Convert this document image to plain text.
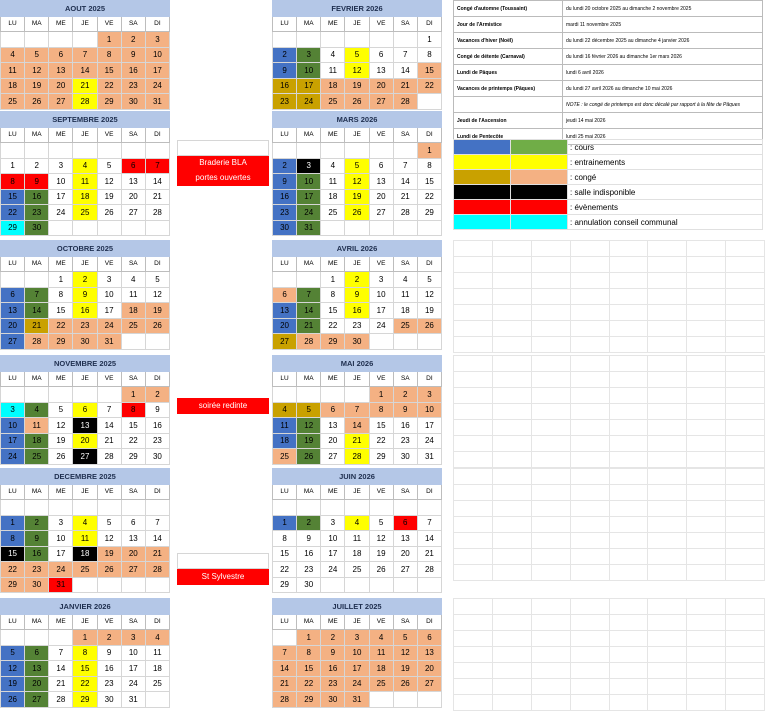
AOUT 2025						
LU	MA	ME	JE	VE	SA	DI
				1	2	3
4	5	6	7	8	9	10
11	12	13	14	15	16	17
18	19	20	21	22	23	24
25	26	27	28	29	30	31
FEVRIER 2026						
LU	MA	ME	JE	VE	SA	DI
						1
2	3	4	5	6	7	8
9	10	11	12	13	14	15
16	17	18	19	20	21	22
23	24	25	26	27	28	
SEPTEMBRE 2025						
LU	MA	ME	JE	VE	SA	DI

1	2	3	4	5	6	7
8	9	10	11	12	13	14
15	16	17	18	19	20	21
22	23	24	25	26	27	28
29	30					
MARS 2026						
LU	MA	ME	JE	VE	SA	DI
						1
2	3	4	5	6	7	8
9	10	11	12	13	14	15
16	17	18	19	20	21	22
23	24	25	26	27	28	29
30	31					
OCTOBRE 2025						
LU	MA	ME	JE	VE	SA	DI
		1	2	3	4	5
6	7	8	9	10	11	12
13	14	15	16	17	18	19
20	21	22	23	24	25	26
27	28	29	30	31		
AVRIL 2026						
LU	MA	ME	JE	VE	SA	DI
		1	2	3	4	5
6	7	8	9	10	11	12
13	14	15	16	17	18	19
20	21	22	23	24	25	26
27	28	29	30			
NOVEMBRE 2025						
LU	MA	ME	JE	VE	SA	DI
					1	2
3	4	5	6	7	8	9
10	11	12	13	14	15	16
17	18	19	20	21	22	23
24	25	26	27	28	29	30
MAI 2026						
LU	MA	ME	JE	VE	SA	DI
				1	2	3
4	5	6	7	8	9	10
11	12	13	14	15	16	17
18	19	20	21	22	23	24
25	26	27	28	29	30	31
DECEMBRE 2025						
LU	MA	ME	JE	VE	SA	DI

1	2	3	4	5	6	7
8	9	10	11	12	13	14
15	16	17	18	19	20	21
22	23	24	25	26	27	28
29	30	31				
JUIN 2026						
LU	MA	ME	JE	VE	SA	DI

1	2	3	4	5	6	7
8	9	10	11	12	13	14
15	16	17	18	19	20	21
22	23	24	25	26	27	28
29	30					
JANVIER 2026						
LU	MA	ME	JE	VE	SA	DI
			1	2	3	4
5	6	7	8	9	10	11
12	13	14	15	16	17	18
19	20	21	22	23	24	25
26	27	28	29	30	31	
JUILLET 2025						
LU	MA	ME	JE	VE	SA	DI
	1	2	3	4	5	6
7	8	9	10	11	12	13
14	15	16	17	18	19	20
21	22	23	24	25	26	27
28	29	30	31			
Braderie BLA
portes ouvertes
soirée redinte
St Sylvestre
Congé d'automne (Toussaint)	du lundi 20 octobre 2025 au dimanche 2 novembre 2025
Jour de l'Armistice	mardi 11 novembre 2025
Vacances d'hiver (Noël)	du lundi 22 décembre 2025 au dimanche 4 janvier 2026
Congé de détente (Carnaval)	du lundi 16 février 2026 au dimanche 1er mars 2026
Lundi de Pâques	lundi 6 avril 2026
Vacances de printemps (Pâques)	du lundi 27 avril 2026 au dimanche 10 mai 2026
	NOTE : le congé de printemps est donc décalé par rapport à la fête de Pâques
Jeudi de l'Ascension	jeudi 14 mai 2026
Lundi de Pentecôte	lundi 25 mai 2026
		: cours
		: entrainements
		: congé
		: salle indisponible
		: évènements
		: annulation conseil communal
